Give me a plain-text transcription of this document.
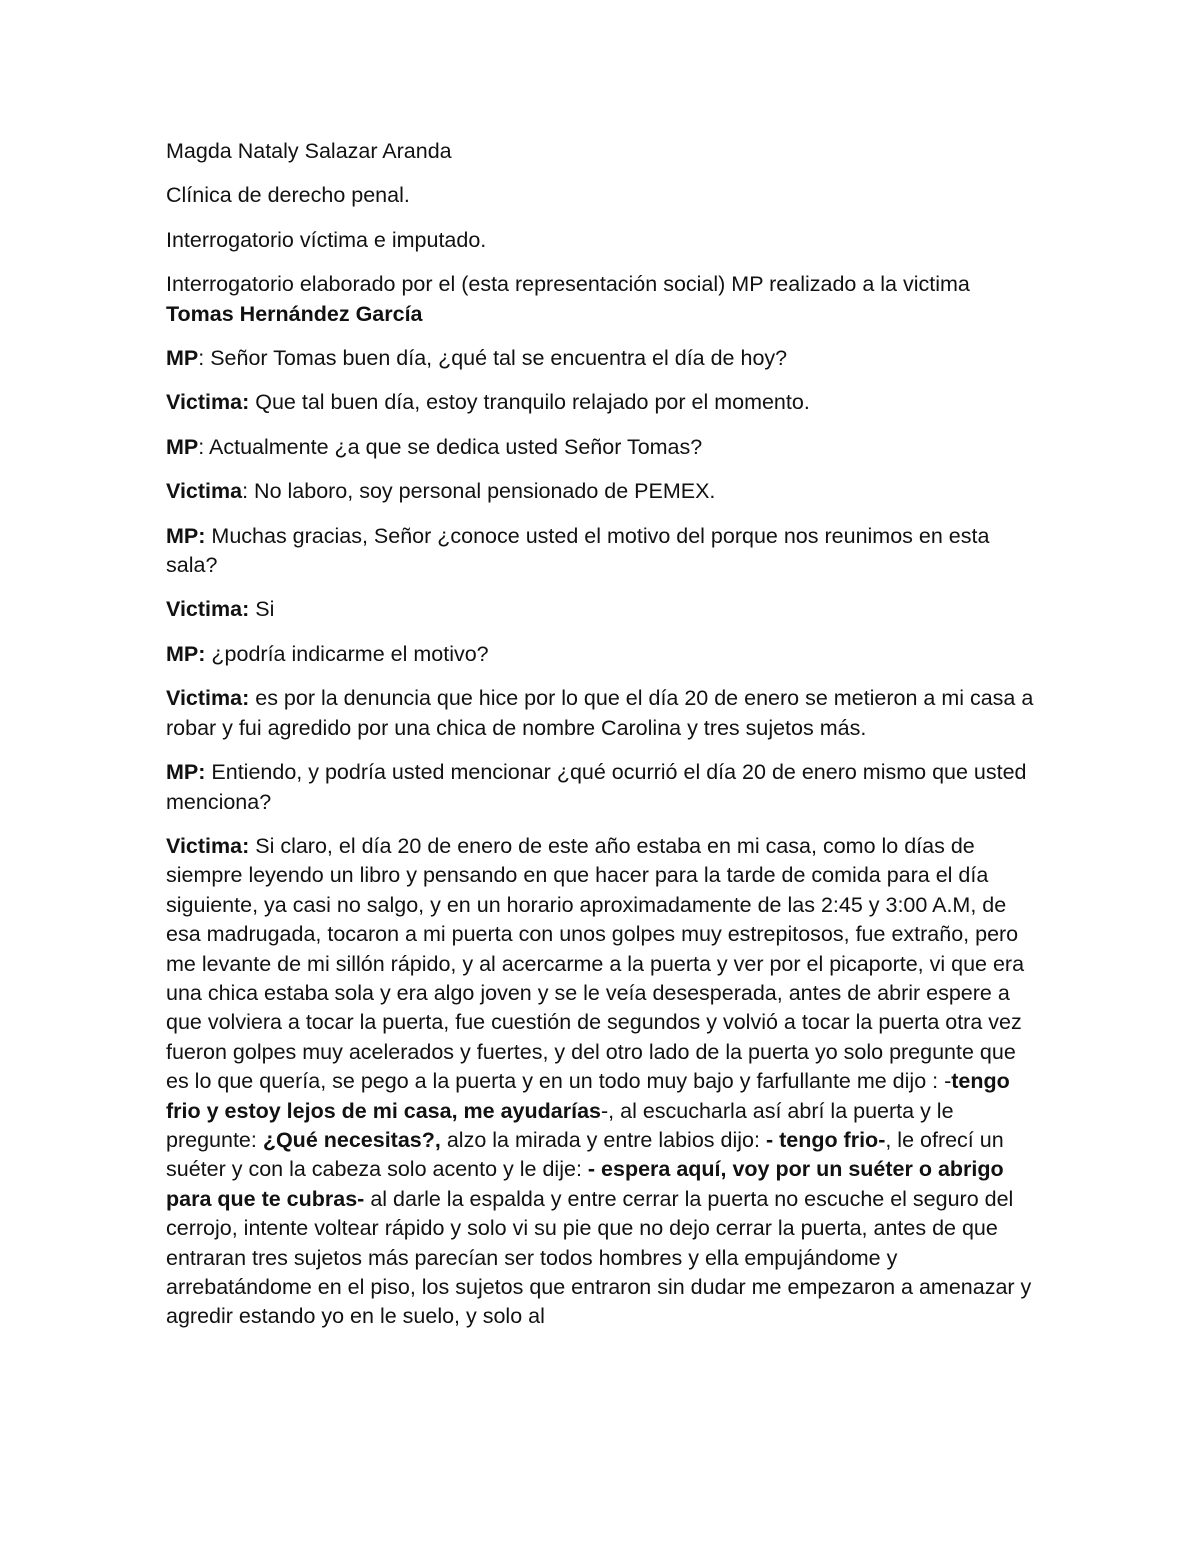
Magda Nataly Salazar Aranda

Clínica de derecho penal.

Interrogatorio víctima e imputado.

Interrogatorio elaborado por el (esta representación social) MP realizado a la victima Tomas Hernández García

MP: Señor Tomas buen día, ¿qué tal se encuentra el día de hoy?

Victima: Que tal buen día, estoy tranquilo relajado por el momento.

MP: Actualmente ¿a que se dedica usted Señor Tomas?

Victima: No laboro, soy personal pensionado de PEMEX.

MP: Muchas gracias, Señor ¿conoce usted el motivo del porque nos reunimos en esta sala?

Victima: Si

MP: ¿podría indicarme el motivo?

Victima: es por la denuncia que hice por lo que el día 20 de enero se metieron a mi casa a robar y fui agredido por una chica de nombre Carolina y tres sujetos más.

MP: Entiendo, y podría usted mencionar ¿qué ocurrió el día 20 de enero mismo que usted menciona?

Victima: Si claro, el día 20 de enero de este año estaba en mi casa, como lo días de siempre leyendo un libro y pensando en que hacer para la tarde de comida para el día siguiente, ya casi no salgo, y en un horario aproximadamente de las 2:45 y 3:00 A.M, de esa madrugada, tocaron a mi puerta con unos golpes muy estrepitosos, fue extraño, pero me levante de mi sillón rápido, y al acercarme a la puerta y ver por el picaporte, vi que era una chica estaba sola y era algo joven y se le veía desesperada, antes de abrir espere a que volviera a tocar la puerta, fue cuestión de segundos y volvió a tocar la puerta otra vez fueron golpes muy acelerados y fuertes, y del otro lado de la puerta yo solo pregunte que es lo que quería, se pego a la puerta y en un todo muy bajo y farfullante me dijo : -tengo frio y estoy lejos de mi casa, me ayudarías-, al escucharla así abrí la puerta y le pregunte: ¿Qué necesitas?, alzo la mirada y entre labios dijo: - tengo frio-, le ofrecí un suéter y con la cabeza solo acento y le dije: - espera aquí, voy por un suéter o abrigo para que te cubras- al darle la espalda y entre cerrar la puerta no escuche el seguro del cerrojo, intente voltear rápido y solo vi su pie que no dejo cerrar la puerta, antes de que entraran tres sujetos más parecían ser todos hombres y ella empujándome y arrebatándome en el piso, los sujetos que entraron sin dudar me empezaron a amenazar y agredir estando yo en le suelo, y solo al
